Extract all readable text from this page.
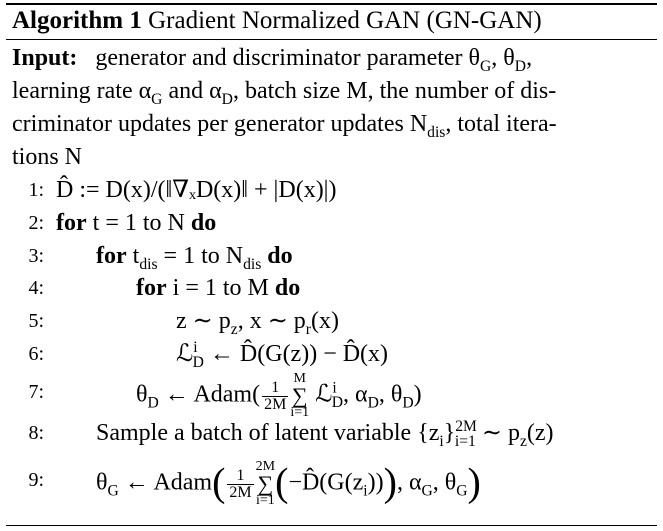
Algorithm 1 Gradient Normalized GAN (GN-GAN)
Input: generator and discriminator parameter $\theta_G$, $\theta_D$,
learning rate $\alpha_G$ and $\alpha_D$, batch size M, the number of dis-
criminator updates per generator updates $N_{dis}$, total itera-
tions N
1: D̂ := D(x)/(‖∇ₓD(x)‖ + |D(x)|)
2: for t = 1 to N do
3: for $t_{dis} = 1$ to $N_{dis}$ do
4:	for i = 1 to M do
5:	z ∼ $p_z$, x ∼ $p_r(x)$
6:	ℒ$^i_D$ ← D̂(G(z)) − D̂(x)
7:	$\theta_D$ ← Adam( $\frac{1}{2M}$
M
∑
i=1
ℒ$^i_D$, $\alpha_D$, $\theta_D$)
8: Sample a batch of latent variable $\{z_i\}^{2M}_{i=1}$ ∼ $p_z(z)$
9: $\theta_G$ ← Adam( $\frac{1}{2M}$
2M
∑
i=1 $(-D̂(G(z_i)))$, $\alpha_G$, $\theta_G$)
